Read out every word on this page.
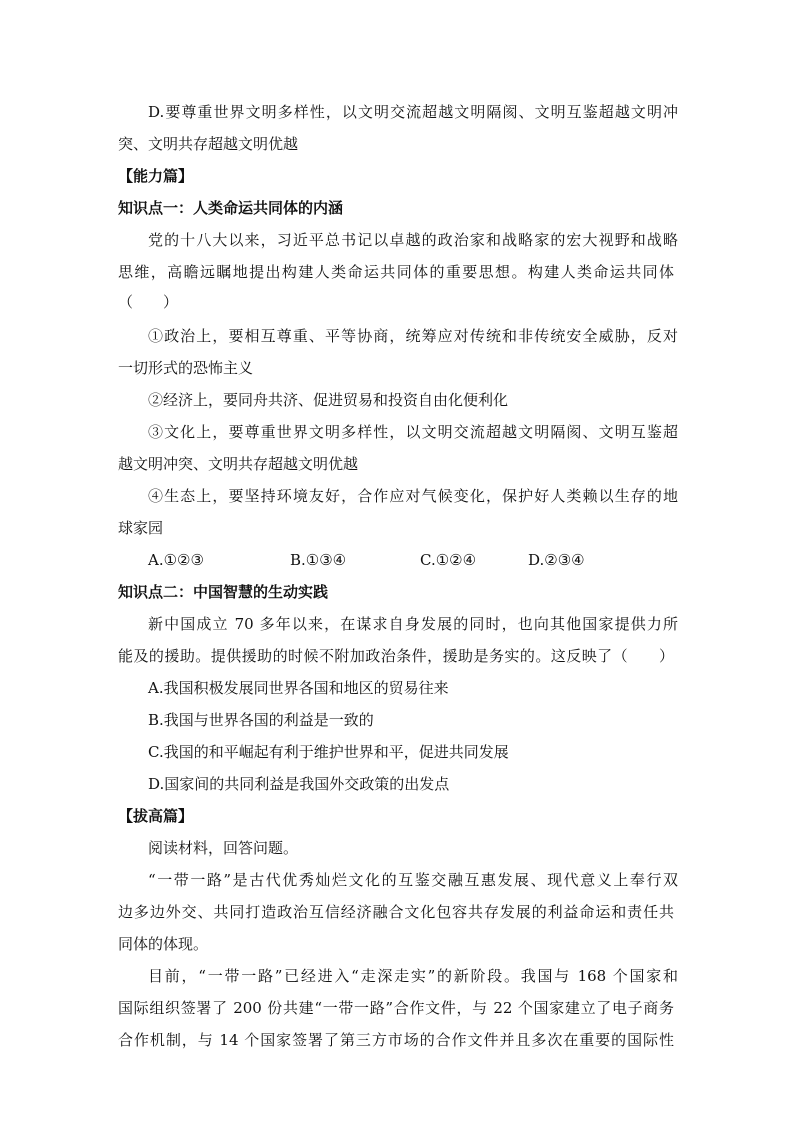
D.要尊重世界文明多样性，以文明交流超越文明隔阂、文明互鉴超越文明冲

突、文明共存超越文明优越

【能力篇】

知识点一：人类命运共同体的内涵

党的十八大以来，习近平总书记以卓越的政治家和战略家的宏大视野和战略

思维，高瞻远瞩地提出构建人类命运共同体的重要思想。构建人类命运共同体

（　　）

①政治上，要相互尊重、平等协商，统筹应对传统和非传统安全威胁，反对

一切形式的恐怖主义

②经济上，要同舟共济、促进贸易和投资自由化便利化

③文化上，要尊重世界文明多样性，以文明交流超越文明隔阂、文明互鉴超

越文明冲突、文明共存超越文明优越

④生态上，要坚持环境友好，合作应对气候变化，保护好人类赖以生存的地

球家园

A.①②③	B.①③④	C.①②④	D.②③④

知识点二：中国智慧的生动实践

新中国成立 70 多年以来，在谋求自身发展的同时，也向其他国家提供力所

能及的援助。提供援助的时候不附加政治条件，援助是务实的。这反映了（　　）

A.我国积极发展同世界各国和地区的贸易往来

B.我国与世界各国的利益是一致的

C.我国的和平崛起有利于维护世界和平，促进共同发展

D.国家间的共同利益是我国外交政策的出发点

【拔高篇】

阅读材料，回答问题。

“一带一路”是古代优秀灿烂文化的互鉴交融互惠发展、现代意义上奉行双

边多边外交、共同打造政治互信经济融合文化包容共存发展的利益命运和责任共

同体的体现。

目前，“一带一路”已经进入“走深走实”的新阶段。我国与 168 个国家和

国际组织签署了 200 份共建“一带一路”合作文件，与 22 个国家建立了电子商务

合作机制，与 14 个国家签署了第三方市场的合作文件并且多次在重要的国际性
